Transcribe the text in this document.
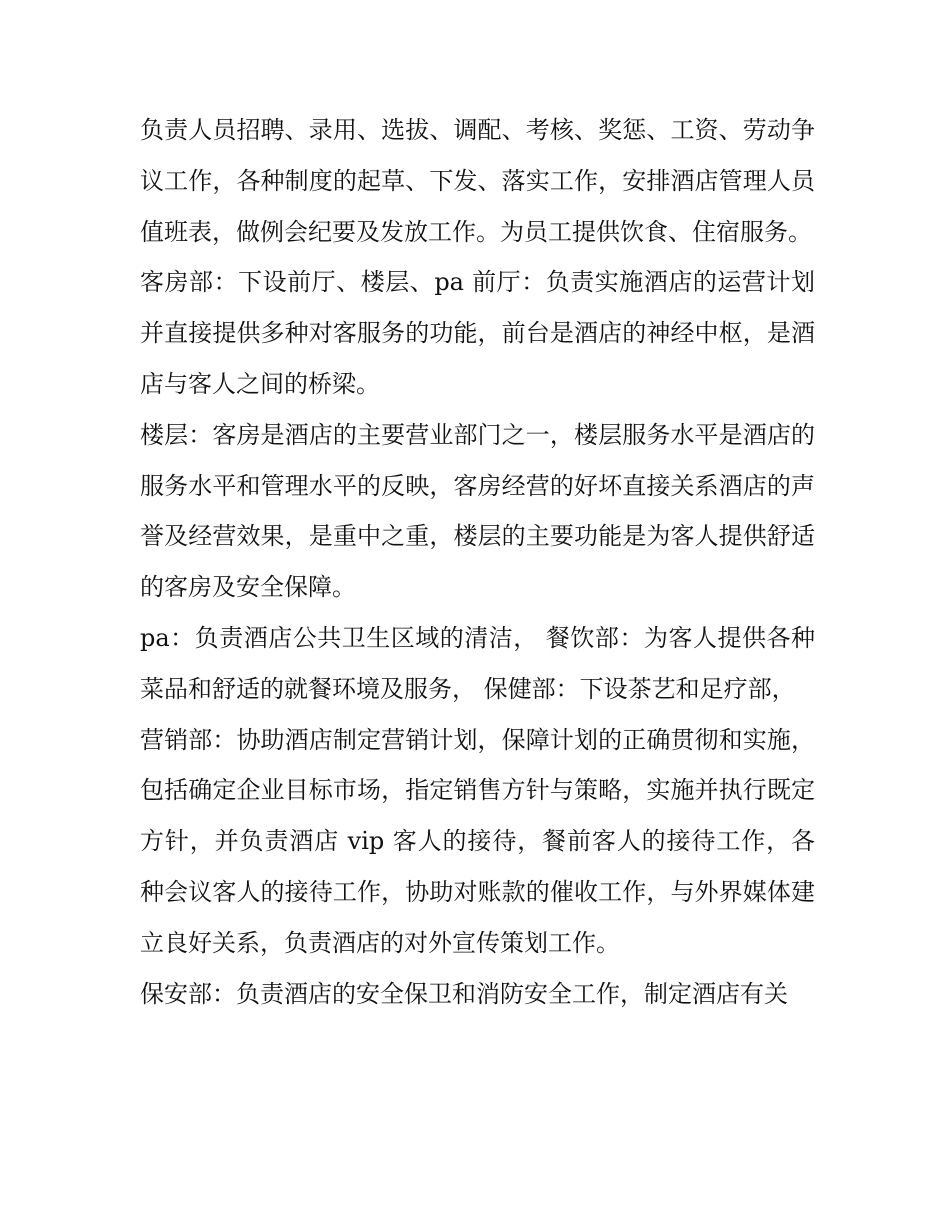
负责人员招聘、录用、选拔、调配、考核、奖惩、工资、劳动争议工作，各种制度的起草、下发、落实工作，安排酒店管理人员值班表，做例会纪要及发放工作。为员工提供饮食、住宿服务。

客房部：下设前厅、楼层、pa 前厅：负责实施酒店的运营计划并直接提供多种对客服务的功能，前台是酒店的神经中枢，是酒店与客人之间的桥梁。

楼层：客房是酒店的主要营业部门之一，楼层服务水平是酒店的服务水平和管理水平的反映，客房经营的好坏直接关系酒店的声誉及经营效果，是重中之重，楼层的主要功能是为客人提供舒适的客房及安全保障。

pa：负责酒店公共卫生区域的清洁， 餐饮部：为客人提供各种菜品和舒适的就餐环境及服务， 保健部：下设茶艺和足疗部，

营销部：协助酒店制定营销计划，保障计划的正确贯彻和实施，包括确定企业目标市场，指定销售方针与策略，实施并执行既定方针，并负责酒店 vip 客人的接待，餐前客人的接待工作，各种会议客人的接待工作，协助对账款的催收工作，与外界媒体建立良好关系，负责酒店的对外宣传策划工作。

保安部：负责酒店的安全保卫和消防安全工作，制定酒店有关
